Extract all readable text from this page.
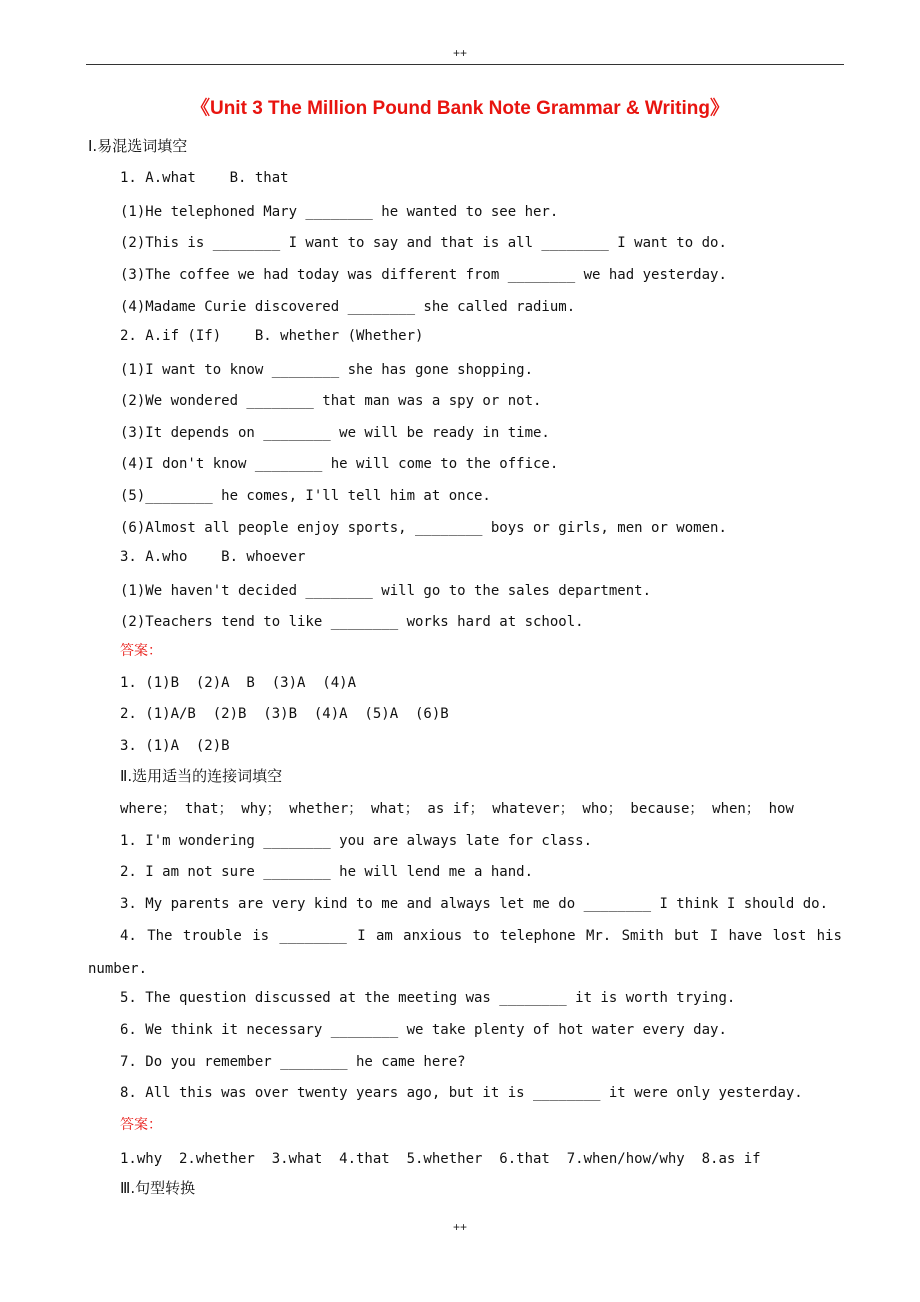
++
《Unit 3 The Million Pound Bank Note Grammar & Writing》
Ⅰ.易混选词填空
1. A.what    B. that
(1)He telephoned Mary ________ he wanted to see her.
(2)This is ________ I want to say and that is all ________ I want to do.
(3)The coffee we had today was different from ________ we had yesterday.
(4)Madame Curie discovered ________ she called radium.
2. A.if (If)    B. whether (Whether)
(1)I want to know ________ she has gone shopping.
(2)We wondered ________ that man was a spy or not.
(3)It depends on ________ we will be ready in time.
(4)I don't know ________ he will come to the office.
(5)________ he comes, I'll tell him at once.
(6)Almost all people enjoy sports, ________ boys or girls, men or women.
3. A.who    B. whoever
(1)We haven't decided ________ will go to the sales department.
(2)Teachers tend to like ________ works hard at school.
答案：
1. (1)B  (2)A  B  (3)A  (4)A
2. (1)A/B  (2)B  (3)B  (4)A  (5)A  (6)B
3. (1)A  (2)B
Ⅱ.选用适当的连接词填空
where； that； why； whether； what； as if； whatever； who； because； when； how
1. I'm wondering ________ you are always late for class.
2. I am not sure ________ he will lend me a hand.
3. My parents are very kind to me and always let me do ________ I think I should do.
4. The trouble is ________ I am anxious to telephone Mr. Smith but I have lost his
number.
5. The question discussed at the meeting was ________ it is worth trying.
6. We think it necessary ________ we take plenty of hot water every day.
7. Do you remember ________ he came here?
8. All this was over twenty years ago, but it is ________ it were only yesterday.
答案：
1.why  2.whether  3.what  4.that  5.whether  6.that  7.when/how/why  8.as if
Ⅲ.句型转换
++
